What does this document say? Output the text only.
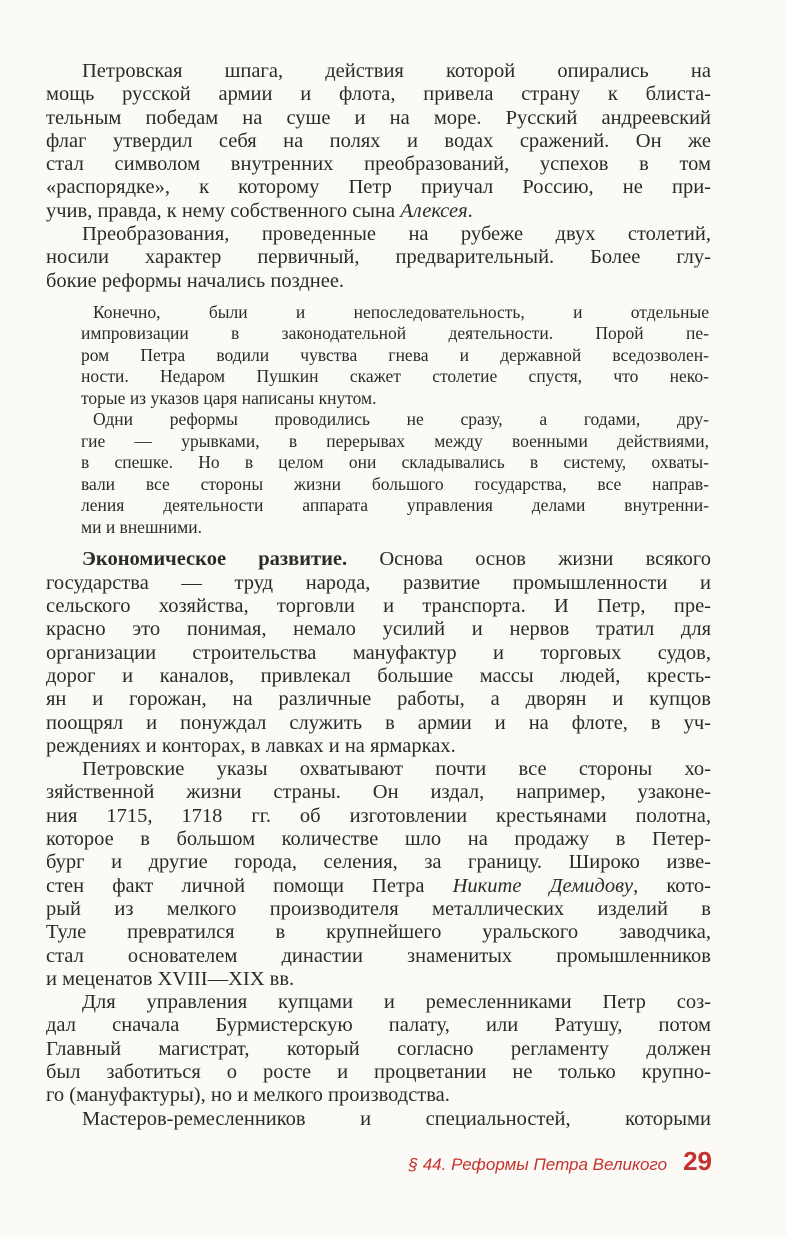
Петровская шпага, действия которой опирались на
мощь русской армии и флота, привела страну к блиста-
тельным победам на суше и на море. Русский андреевский
флаг утвердил себя на полях и водах сражений. Он же
стал символом внутренних преобразований, успехов в том
«распорядке», к которому Петр приучал Россию, не при-
учив, правда, к нему собственного сына Алексея.
Преобразования, проведенные на рубеже двух столетий,
носили характер первичный, предварительный. Более глу-
бокие реформы начались позднее.
Конечно, были и непоследовательность, и отдельные
импровизации в законодательной деятельности. Порой пе-
ром Петра водили чувства гнева и державной вседозволен-
ности. Недаром Пушкин скажет столетие спустя, что неко-
торые из указов царя написаны кнутом.
Одни реформы проводились не сразу, а годами, дру-
гие — урывками, в перерывах между военными действиями,
в спешке. Но в целом они складывались в систему, охваты-
вали все стороны жизни большого государства, все направ-
ления деятельности аппарата управления делами внутренни-
ми и внешними.
Экономическое развитие. Основа основ жизни всякого
государства — труд народа, развитие промышленности и
сельского хозяйства, торговли и транспорта. И Петр, пре-
красно это понимая, немало усилий и нервов тратил для
организации строительства мануфактур и торговых судов,
дорог и каналов, привлекал большие массы людей, кресть-
ян и горожан, на различные работы, а дворян и купцов
поощрял и понуждал служить в армии и на флоте, в уч-
реждениях и конторах, в лавках и на ярмарках.
Петровские указы охватывают почти все стороны хо-
зяйственной жизни страны. Он издал, например, узаконе-
ния 1715, 1718 гг. об изготовлении крестьянами полотна,
которое в большом количестве шло на продажу в Петер-
бург и другие города, селения, за границу. Широко изве-
стен факт личной помощи Петра Никите Демидову, кото-
рый из мелкого производителя металлических изделий в
Туле превратился в крупнейшего уральского заводчика,
стал основателем династии знаменитых промышленников
и меценатов XVIII—XIX вв.
Для управления купцами и ремесленниками Петр соз-
дал сначала Бурмистерскую палату, или Ратушу, потом
Главный магистрат, который согласно регламенту должен
был заботиться о росте и процветании не только крупно-
го (мануфактуры), но и мелкого производства.
Мастеров-ремесленников и специальностей, которыми
§ 44. Реформы Петра Великого 29
